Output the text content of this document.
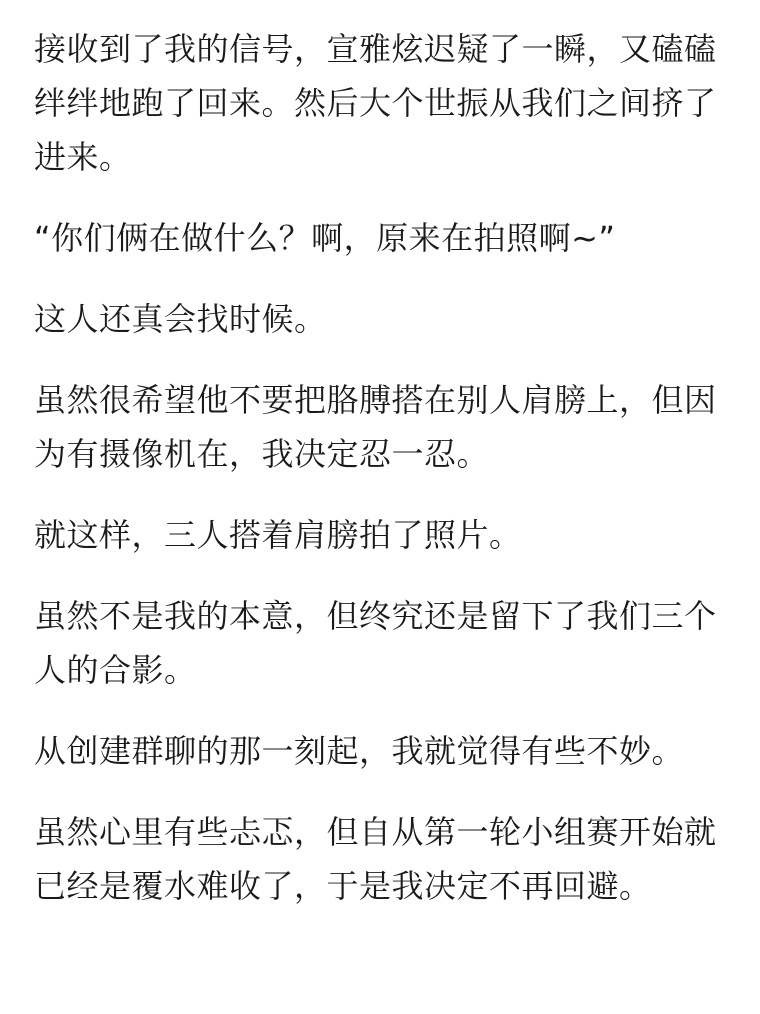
接收到了我的信号，宣雅炫迟疑了一瞬，又磕磕绊绊地跑了回来。然后大个世振从我们之间挤了进来。

“你们俩在做什么？啊，原来在拍照啊~”

这人还真会找时候。

虽然很希望他不要把胳膊搭在别人肩膀上，但因为有摄像机在，我决定忍一忍。

就这样，三人搭着肩膀拍了照片。

虽然不是我的本意，但终究还是留下了我们三个人的合影。

从创建群聊的那一刻起，我就觉得有些不妙。

虽然心里有些忐忑，但自从第一轮小组赛开始就已经是覆水难收了，于是我决定不再回避。
